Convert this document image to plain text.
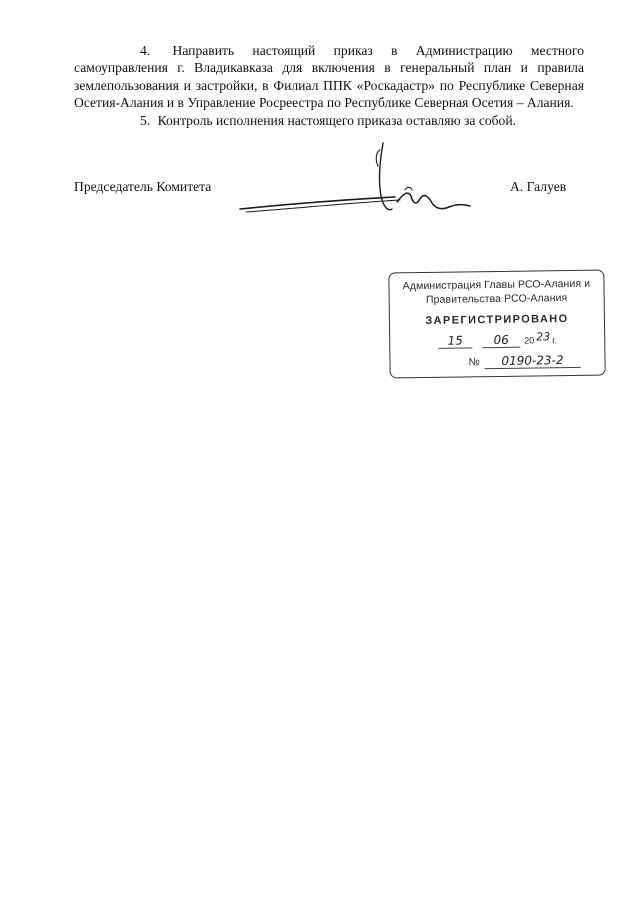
4. Направить настоящий приказ в Администрацию местного самоуправления г. Владикавказа для включения в генеральный план и правила землепользования и застройки, в Филиал ППК «Роскадастр» по Республике Северная Осетия-Алания и в Управление Росреестра по Республике Северная Осетия – Алания.

5. Контроль исполнения настоящего приказа оставляю за собой.

Председатель Комитета	А. Галуев
Администрация Главы РСО-Алания и
Правительства РСО-Алания
ЗАРЕГИСТРИРОВАНО
15	06	20 23 г.
№	0190-23-2
